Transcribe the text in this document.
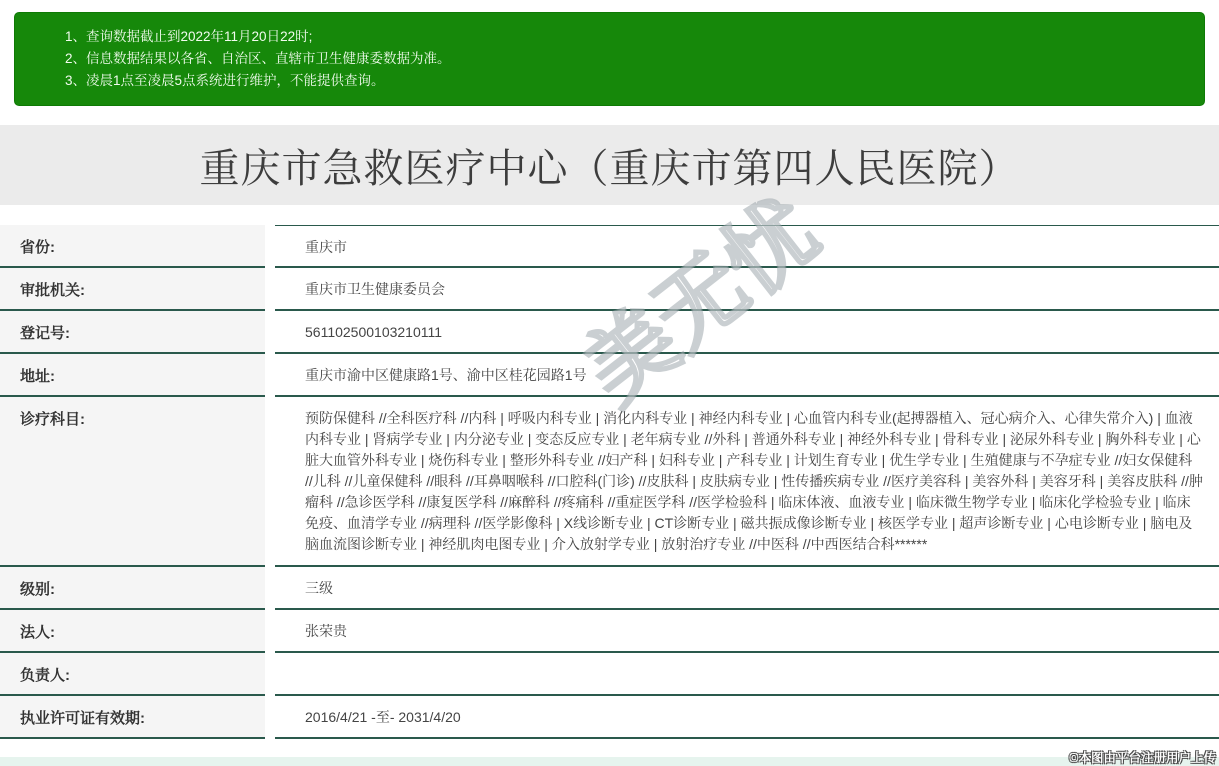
1、查询数据截止到2022年11月20日22时;
2、信息数据结果以各省、自治区、直辖市卫生健康委数据为准。
3、凌晨1点至凌晨5点系统进行维护，不能提供查询。
重庆市急救医疗中心（重庆市第四人民医院）
省份:	重庆市
审批机关:	重庆市卫生健康委员会
登记号:	561102500103210111
地址:	重庆市渝中区健康路1号、渝中区桂花园路1号
诊疗科目:	预防保健科 //全科医疗科 //内科 | 呼吸内科专业 | 消化内科专业 | 神经内科专业 | 心血管内科专业(起搏器植入、冠心病介入、心律失常介入) | 血液内科专业 | 肾病学专业 | 内分泌专业 | 变态反应专业 | 老年病专业 //外科 | 普通外科专业 | 神经外科专业 | 骨科专业 | 泌尿外科专业 | 胸外科专业 | 心脏大血管外科专业 | 烧伤科专业 | 整形外科专业 //妇产科 | 妇科专业 | 产科专业 | 计划生育专业 | 优生学专业 | 生殖健康与不孕症专业 //妇女保健科 //儿科 //儿童保健科 //眼科 //耳鼻咽喉科 //口腔科(门诊) //皮肤科 | 皮肤病专业 | 性传播疾病专业 //医疗美容科 | 美容外科 | 美容牙科 | 美容皮肤科 //肿瘤科 //急诊医学科 //康复医学科 //麻醉科 //疼痛科 //重症医学科 //医学检验科 | 临床体液、血液专业 | 临床微生物学专业 | 临床化学检验专业 | 临床免疫、血清学专业 //病理科 //医学影像科 | X线诊断专业 | CT诊断专业 | 磁共振成像诊断专业 | 核医学专业 | 超声诊断专业 | 心电诊断专业 | 脑电及脑血流图诊断专业 | 神经肌肉电图专业 | 介入放射学专业 | 放射治疗专业 //中医科 //中西医结合科******
级别:	三级
法人:	张荣贵
负责人:
执业许可证有效期:	2016/4/21 -至- 2031/4/20
美无忧
©本图由平台注册用户上传
